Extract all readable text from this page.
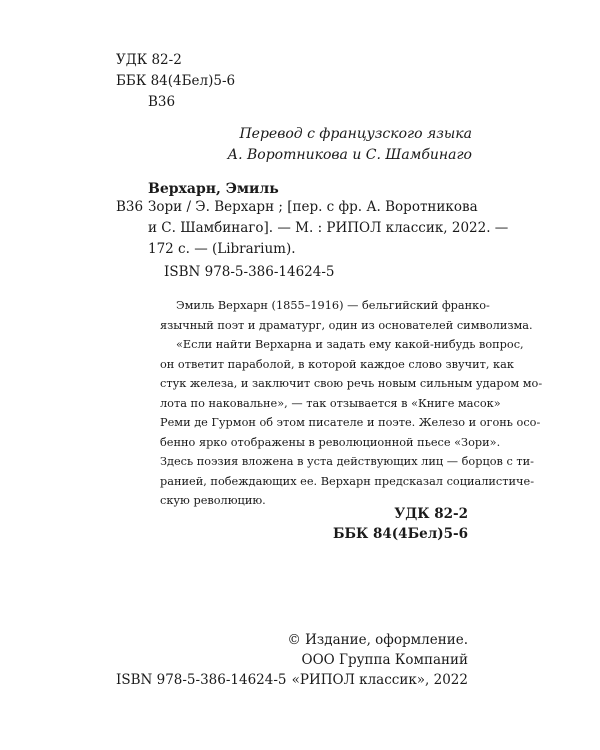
УДК 82-2
ББК 84(4Бел)5-6
В36
Перевод с французского языка
А. Воротникова и С. Шамбинаго
Верхарн, Эмиль
В36 Зори / Э. Верхарн ; [пер. с фр. А. Воротникова
и С. Шамбинаго]. — М. : РИПОЛ классик, 2022. —
172 с. — (Librarium).
ISBN 978-5-386-14624-5
Эмиль Верхарн (1855–1916) — бельгийский франко-
язычный поэт и драматург, один из основателей символизма.
«Если найти Верхарна и задать ему какой-нибудь вопрос,
он ответит параболой, в которой каждое слово звучит, как
стук железа, и заключит свою речь новым сильным ударом мо-
лота по наковальне», — так отзывается в «Книге масок»
Реми де Гурмон об этом писателе и поэте. Железо и огонь осо-
бенно ярко отображены в революционной пьесе «Зори».
Здесь поэзия вложена в уста действующих лиц — борцов с ти-
ранией, побеждающих ее. Верхарн предсказал социалистиче-
скую революцию.
УДК 82-2
ББК 84(4Бел)5-6
ISBN 978-5-386-14624-5
© Издание, оформление.
ООО Группа Компаний
«РИПОЛ классик», 2022
